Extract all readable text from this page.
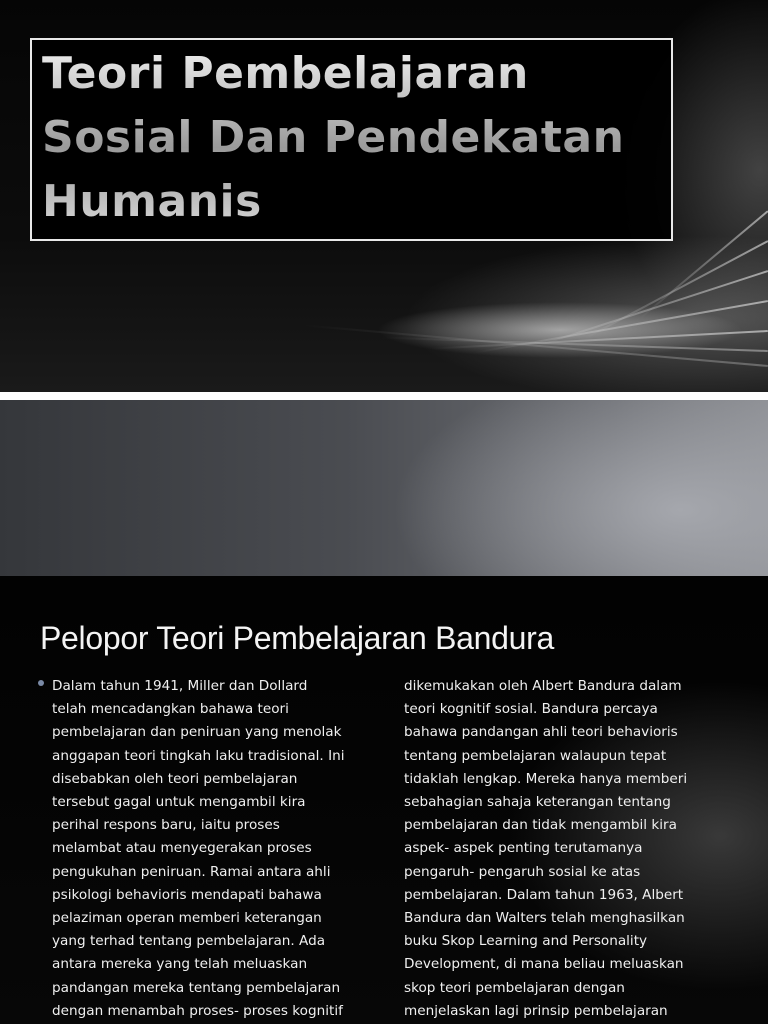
Teori Pembelajaran
Sosial Dan Pendekatan
Humanis
Pelopor Teori Pembelajaran Bandura
Dalam tahun 1941, Miller dan Dollard
telah mencadangkan bahawa teori
pembelajaran dan peniruan yang menolak
anggapan teori tingkah laku tradisional. Ini
disebabkan oleh teori pembelajaran
tersebut gagal untuk mengambil kira
perihal respons baru, iaitu proses
melambat atau menyegerakan proses
pengukuhan peniruan. Ramai antara ahli
psikologi behavioris mendapati bahawa
pelaziman operan memberi keterangan
yang terhad tentang pembelajaran. Ada
antara mereka yang telah meluaskan
pandangan mereka tentang pembelajaran
dengan menambah proses- proses kognitif
dikemukakan oleh Albert Bandura dalam
teori kognitif sosial. Bandura percaya
bahawa pandangan ahli teori behavioris
tentang pembelajaran walaupun tepat
tidaklah lengkap. Mereka hanya memberi
sebahagian sahaja keterangan tentang
pembelajaran dan tidak mengambil kira
aspek- aspek penting terutamanya
pengaruh- pengaruh sosial ke atas
pembelajaran. Dalam tahun 1963, Albert
Bandura dan Walters telah menghasilkan
buku Skop Learning and Personality
Development, di mana beliau meluaskan
skop teori pembelajaran dengan
menjelaskan lagi prinsip pembelajaran
